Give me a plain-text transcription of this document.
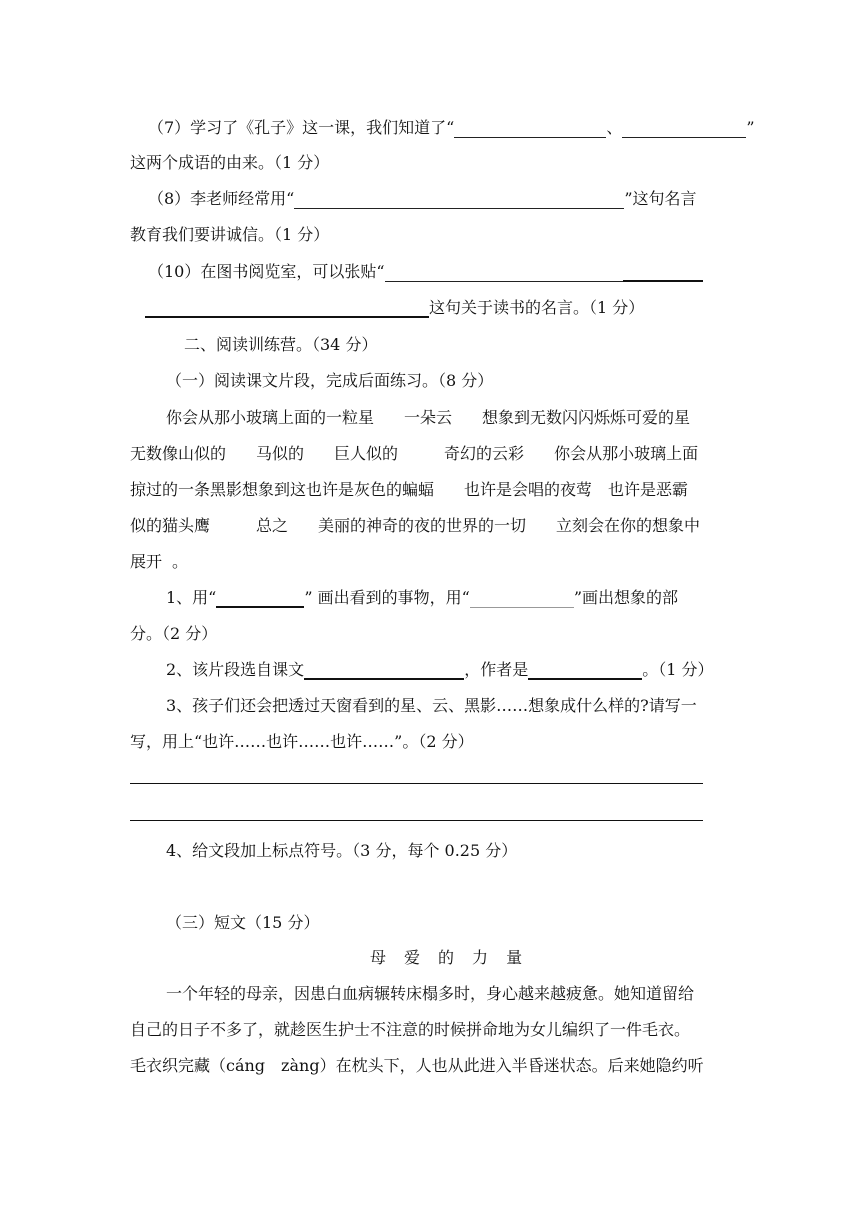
（7）学习了《孔子》这一课，我们知道了“	、	”
这两个成语的由来。（1 分）
（8）李老师经常用“	”这句名言
教育我们要讲诚信。（1 分）
（10）在图书阅览室，可以张贴“
这句关于读书的名言。（1 分）
二、阅读训练营。（34 分）
（一）阅读课文片段，完成后面练习。（8 分）
你会从那小玻璃上面的一粒星 一朵云 想象到无数闪闪烁烁可爱的星
无数像山似的 马似的 巨人似的	奇幻的云彩 你会从那小玻璃上面
掠过的一条黑影想象到这也许是灰色的蝙蝠 也许是会唱的夜莺 也许是恶霸
似的猫头鹰	总之 美丽的神奇的夜的世界的一切 立刻会在你的想象中
展开 。
1、用“	” 画出看到的事物，用“	”画出想象的部
分。（2 分）
2、该片段选自课文	，作者是	。（1 分）
3、孩子们还会把透过天窗看到的星、云、黑影……想象成什么样的?请写一
写，用上“也许……也许……也许……”。（2 分）
4、给文段加上标点符号。（3 分，每个 0.25 分）
（三）短文（15 分）
母 爱 的 力 量
一个年轻的母亲，因患白血病辗转床榻多时，身心越来越疲惫。她知道留给
自己的日子不多了，就趁医生护士不注意的时候拼命地为女儿编织了一件毛衣。
毛衣织完藏（cáng　zàng）在枕头下，人也从此进入半昏迷状态。后来她隐约听
